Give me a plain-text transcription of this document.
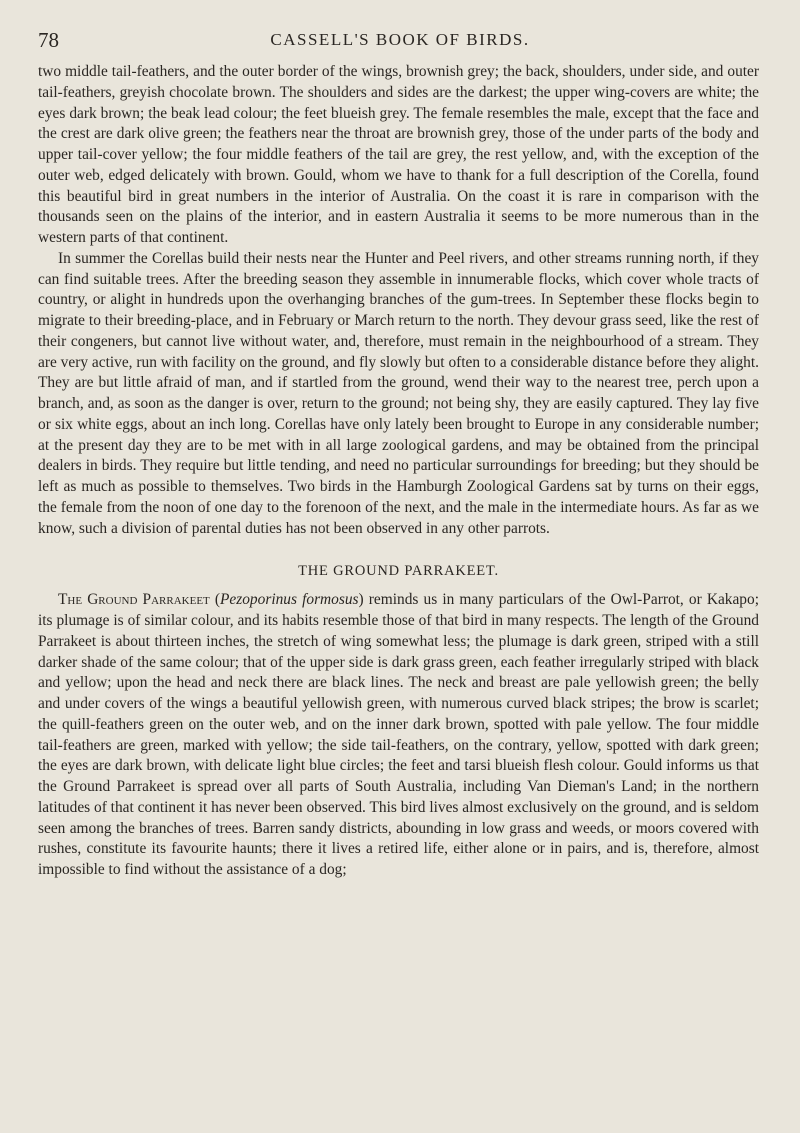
78	CASSELL'S BOOK OF BIRDS.

two middle tail-feathers, and the outer border of the wings, brownish grey; the back, shoulders, under side, and outer tail-feathers, greyish chocolate brown. The shoulders and sides are the darkest; the upper wing-covers are white; the eyes dark brown; the beak lead colour; the feet blueish grey. The female resembles the male, except that the face and the crest are dark olive green; the feathers near the throat are brownish grey, those of the under parts of the body and upper tail-cover yellow; the four middle feathers of the tail are grey, the rest yellow, and, with the exception of the outer web, edged delicately with brown. Gould, whom we have to thank for a full description of the Corella, found this beautiful bird in great numbers in the interior of Australia. On the coast it is rare in comparison with the thousands seen on the plains of the interior, and in eastern Australia it seems to be more numerous than in the western parts of that continent.

In summer the Corellas build their nests near the Hunter and Peel rivers, and other streams running north, if they can find suitable trees. After the breeding season they assemble in innumerable flocks, which cover whole tracts of country, or alight in hundreds upon the overhanging branches of the gum-trees. In September these flocks begin to migrate to their breeding-place, and in February or March return to the north. They devour grass seed, like the rest of their congeners, but cannot live without water, and, therefore, must remain in the neighbourhood of a stream. They are very active, run with facility on the ground, and fly slowly but often to a considerable distance before they alight. They are but little afraid of man, and if startled from the ground, wend their way to the nearest tree, perch upon a branch, and, as soon as the danger is over, return to the ground; not being shy, they are easily captured. They lay five or six white eggs, about an inch long. Corellas have only lately been brought to Europe in any considerable number; at the present day they are to be met with in all large zoological gardens, and may be obtained from the principal dealers in birds. They require but little tending, and need no particular surroundings for breeding; but they should be left as much as possible to themselves. Two birds in the Hamburgh Zoological Gardens sat by turns on their eggs, the female from the noon of one day to the forenoon of the next, and the male in the intermediate hours. As far as we know, such a division of parental duties has not been observed in any other parrots.

THE GROUND PARRAKEET.

The Ground Parrakeet (Pezoporinus formosus) reminds us in many particulars of the Owl-Parrot, or Kakapo; its plumage is of similar colour, and its habits resemble those of that bird in many respects. The length of the Ground Parrakeet is about thirteen inches, the stretch of wing somewhat less; the plumage is dark green, striped with a still darker shade of the same colour; that of the upper side is dark grass green, each feather irregularly striped with black and yellow; upon the head and neck there are black lines. The neck and breast are pale yellowish green; the belly and under covers of the wings a beautiful yellowish green, with numerous curved black stripes; the brow is scarlet; the quill-feathers green on the outer web, and on the inner dark brown, spotted with pale yellow. The four middle tail-feathers are green, marked with yellow; the side tail-feathers, on the contrary, yellow, spotted with dark green; the eyes are dark brown, with delicate light blue circles; the feet and tarsi blueish flesh colour. Gould informs us that the Ground Parrakeet is spread over all parts of South Australia, including Van Dieman's Land; in the northern latitudes of that continent it has never been observed. This bird lives almost exclusively on the ground, and is seldom seen among the branches of trees. Barren sandy districts, abounding in low grass and weeds, or moors covered with rushes, constitute its favourite haunts; there it lives a retired life, either alone or in pairs, and is, therefore, almost impossible to find without the assistance of a dog;
